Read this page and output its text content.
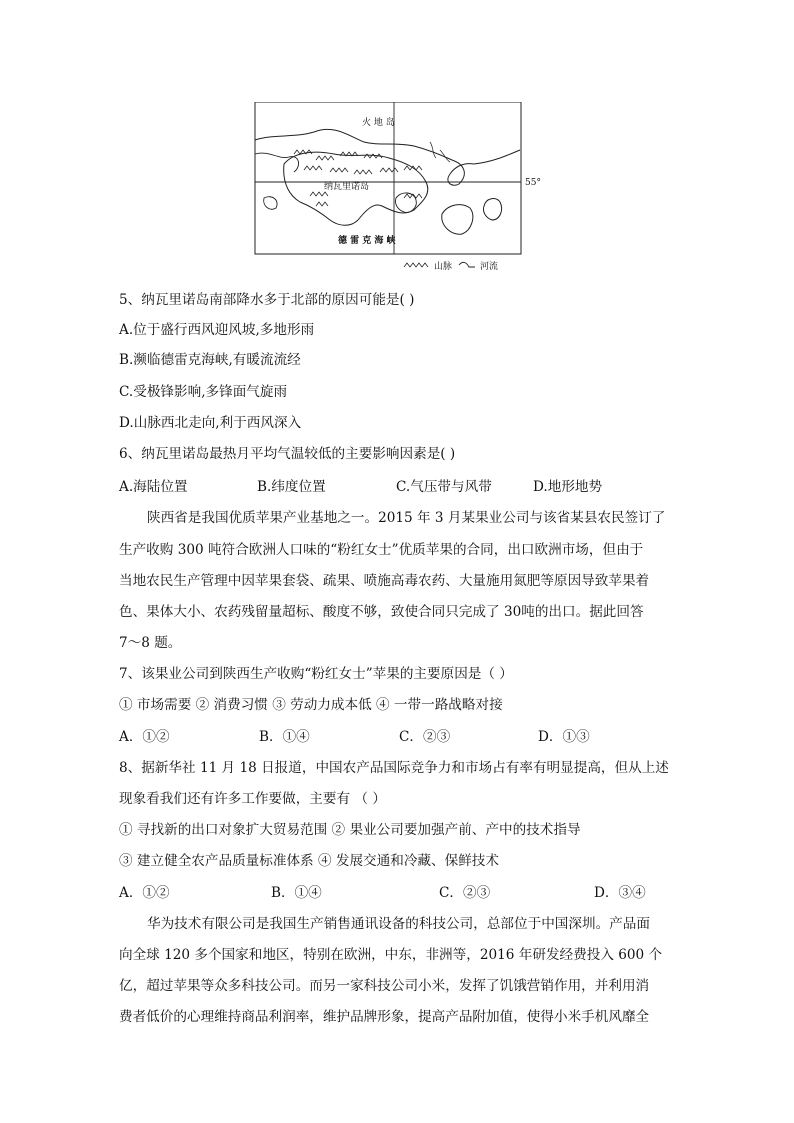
火 地 岛
纳瓦里诺岛
德 雷 克 海 峡
55°
山脉	河流
5、纳瓦里诺岛南部降水多于北部的原因可能是( )
A.位于盛行西风迎风坡,多地形雨
B.濒临德雷克海峡,有暖流流经
C.受极锋影响,多锋面气旋雨
D.山脉西北走向,利于西风深入
6、纳瓦里诺岛最热月平均气温较低的主要影响因素是( )
A.海陆位置	B.纬度位置	C.气压带与风带	D.地形地势
陕西省是我国优质苹果产业基地之一。2015 年 3 月某果业公司与该省某县农民签订了
生产收购 300 吨符合欧洲人口味的“粉红女士”优质苹果的合同，出口欧洲市场，但由于
当地农民生产管理中因苹果套袋、疏果、喷施高毒农药、大量施用氮肥等原因导致苹果着
色、果体大小、农药残留量超标、酸度不够，致使合同只完成了 30吨的出口。据此回答
7～8 题。
7、该果业公司到陕西生产收购“粉红女士”苹果的主要原因是（ ）
① 市场需要 ② 消费习惯 ③ 劳动力成本低 ④ 一带一路战略对接
A．①②	B．①④	C．②③	D．①③
8、据新华社 11 月 18 日报道，中国农产品国际竞争力和市场占有率有明显提高，但从上述
现象看我们还有许多工作要做，主要有 （ ）
① 寻找新的出口对象扩大贸易范围 ② 果业公司要加强产前、产中的技术指导
③ 建立健全农产品质量标准体系 ④ 发展交通和冷藏、保鲜技术
A．①②	B．①④	C．②③	D．③④
华为技术有限公司是我国生产销售通讯设备的科技公司，总部位于中国深圳。产品面
向全球 120 多个国家和地区，特别在欧洲，中东，非洲等，2016 年研发经费投入 600 个
亿，超过苹果等众多科技公司。而另一家科技公司小米，发挥了饥饿营销作用，并利用消
费者低价的心理维持商品利润率，维护品牌形象，提高产品附加值，使得小米手机风靡全
